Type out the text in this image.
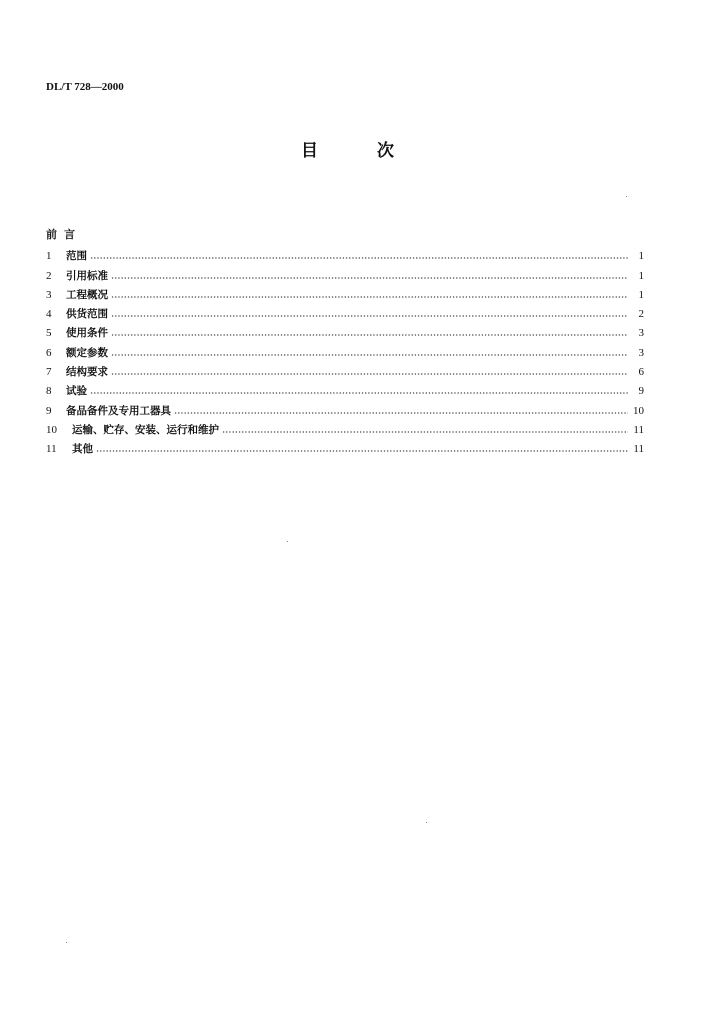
DL/T 728—2000
目	次
前言
1	范围	1
2	引用标准	1
3	工程概况	1
4	供货范围	2
5	使用条件	3
6	额定参数	3
7	结构要求	6
8	试验	9
9	备品备件及专用工器具	10
10	运输、贮存、安装、运行和维护	11
11	其他	11
